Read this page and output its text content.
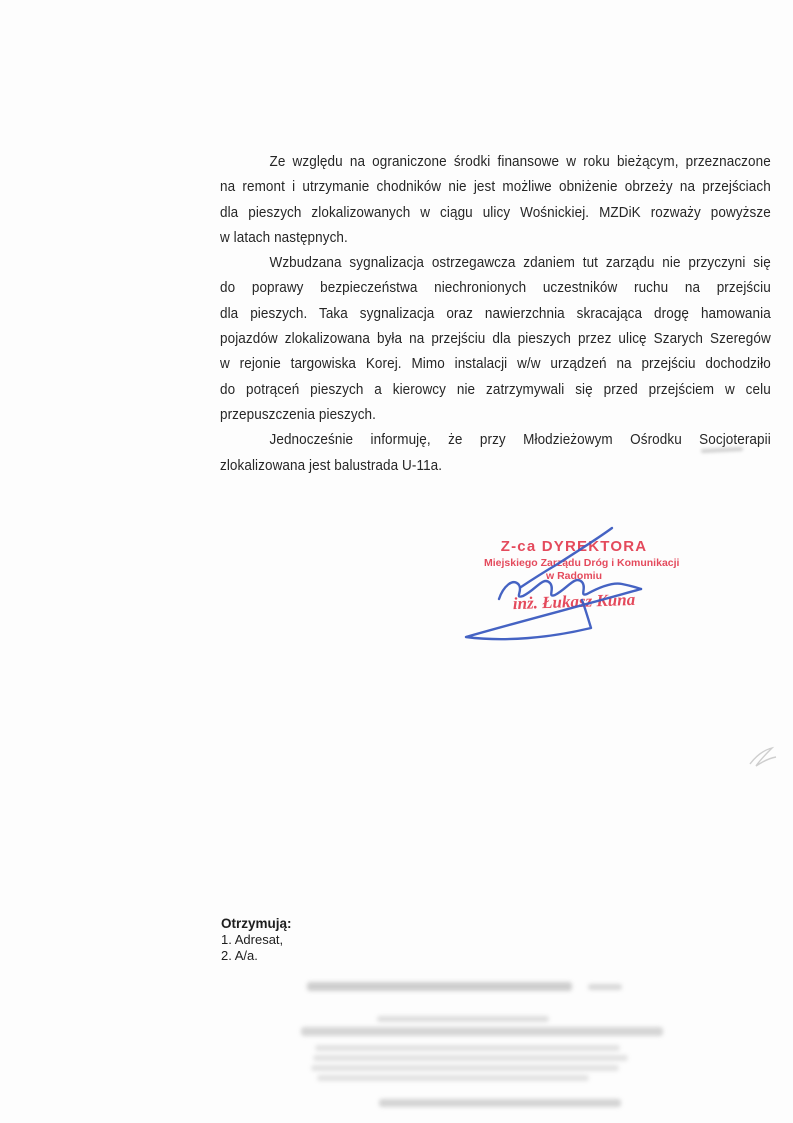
Ze względu na ograniczone środki finansowe w roku bieżącym, przeznaczone
na remont i utrzymanie chodników nie jest możliwe obniżenie obrzeży na przejściach
dla pieszych zlokalizowanych w ciągu ulicy Wośnickiej. MZDiK rozważy powyższe
w latach następnych.
Wzbudzana sygnalizacja ostrzegawcza zdaniem tut zarządu nie przyczyni się
do poprawy bezpieczeństwa niechronionych uczestników ruchu na przejściu
dla pieszych. Taka sygnalizacja oraz nawierzchnia skracająca drogę hamowania
pojazdów zlokalizowana była na przejściu dla pieszych przez ulicę Szarych Szeregów
w rejonie targowiska Korej. Mimo instalacji w/w urządzeń na przejściu dochodziło
do potrąceń pieszych a kierowcy nie zatrzymywali się przed przejściem w celu
przepuszczenia pieszych.
Jednocześnie informuję, że przy Młodzieżowym Ośrodku Socjoterapii
zlokalizowana jest balustrada U-11a.
Z-ca DYREKTORA
Miejskiego Zarządu Dróg i Komunikacji
w Radomiu
inż. Łukasz Kuna
Otrzymują:
1. Adresat,
2. A/a.
